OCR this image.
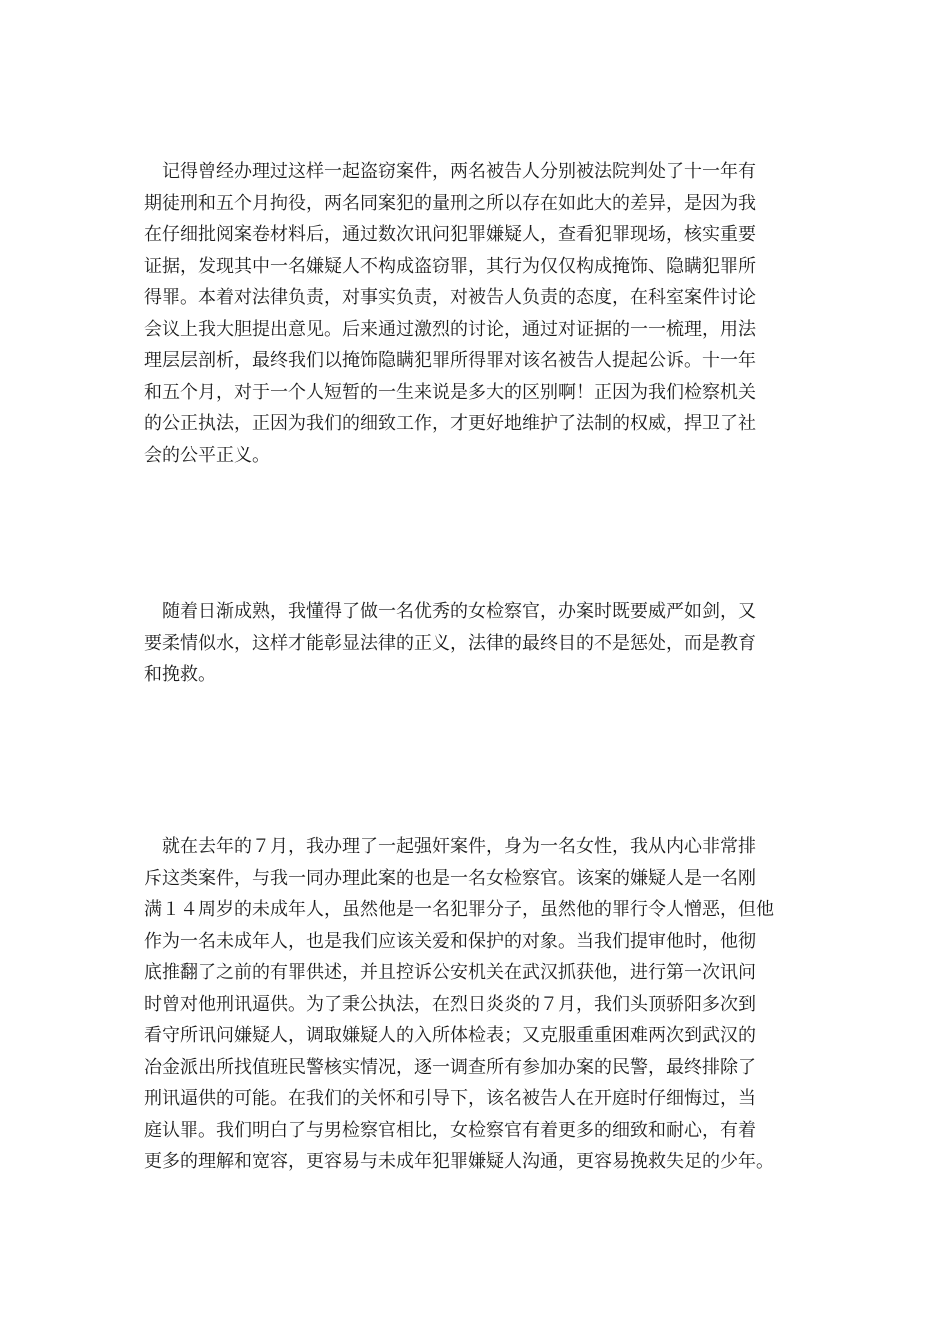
　记得曾经办理过这样一起盗窃案件，两名被告人分别被法院判处了十一年有
期徒刑和五个月拘役，两名同案犯的量刑之所以存在如此大的差异，是因为我
在仔细批阅案卷材料后，通过数次讯问犯罪嫌疑人，查看犯罪现场，核实重要
证据，发现其中一名嫌疑人不构成盗窃罪，其行为仅仅构成掩饰、隐瞒犯罪所
得罪。本着对法律负责，对事实负责，对被告人负责的态度，在科室案件讨论
会议上我大胆提出意见。后来通过激烈的讨论，通过对证据的一一梳理，用法
理层层剖析，最终我们以掩饰隐瞒犯罪所得罪对该名被告人提起公诉。十一年
和五个月，对于一个人短暂的一生来说是多大的区别啊！正因为我们检察机关
的公正执法，正因为我们的细致工作，才更好地维护了法制的权威，捍卫了社
会的公平正义。
　随着日渐成熟，我懂得了做一名优秀的女检察官，办案时既要威严如剑，又
要柔情似水，这样才能彰显法律的正义，法律的最终目的不是惩处，而是教育
和挽救。
　就在去年的７月，我办理了一起强奸案件，身为一名女性，我从内心非常排
斥这类案件，与我一同办理此案的也是一名女检察官。该案的嫌疑人是一名刚
满１４周岁的未成年人，虽然他是一名犯罪分子，虽然他的罪行令人憎恶，但他
作为一名未成年人，也是我们应该关爱和保护的对象。当我们提审他时，他彻
底推翻了之前的有罪供述，并且控诉公安机关在武汉抓获他，进行第一次讯问
时曾对他刑讯逼供。为了秉公执法，在烈日炎炎的７月，我们头顶骄阳多次到
看守所讯问嫌疑人，调取嫌疑人的入所体检表；又克服重重困难两次到武汉的
冶金派出所找值班民警核实情况，逐一调查所有参加办案的民警，最终排除了
刑讯逼供的可能。在我们的关怀和引导下，该名被告人在开庭时仔细悔过，当
庭认罪。我们明白了与男检察官相比，女检察官有着更多的细致和耐心，有着
更多的理解和宽容，更容易与未成年犯罪嫌疑人沟通，更容易挽救失足的少年。
